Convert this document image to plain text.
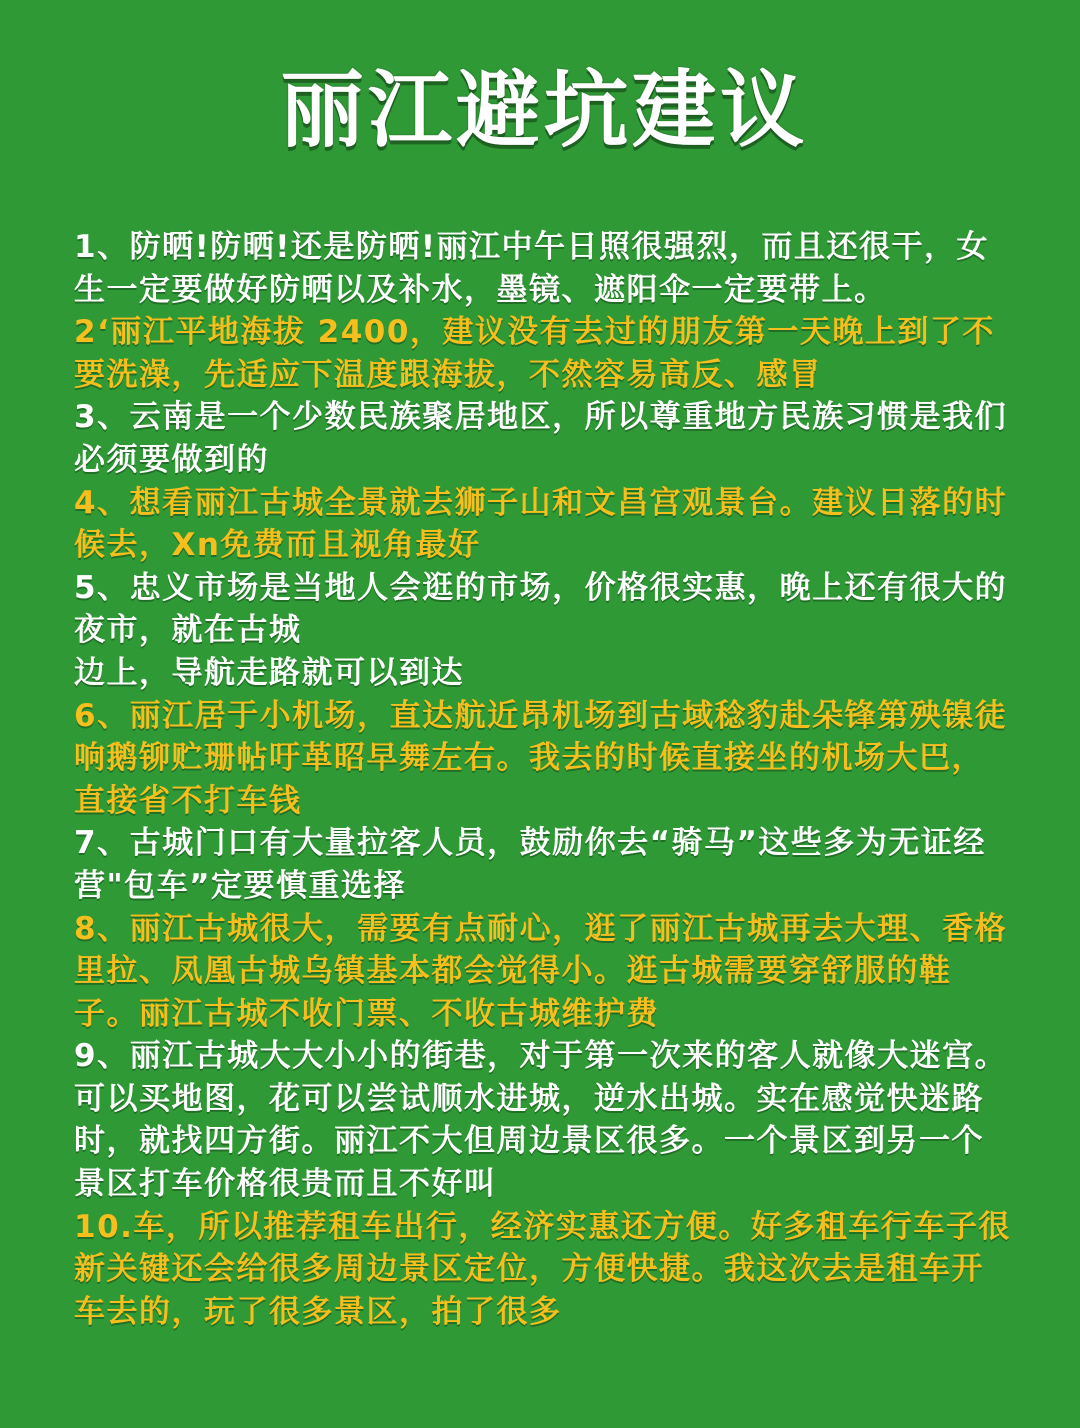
丽江避坑建议

1、防晒!防晒!还是防晒!丽江中午日照很强烈，而且还很干，女生一定要做好防晒以及补水，墨镜、遮阳伞一定要带上。

2‘丽江平地海拔 2400，建议没有去过的朋友第一天晚上到了不要洗澡，先适应下温度跟海拔，不然容易高反、感冒

3、云南是一个少数民族聚居地区，所以尊重地方民族习惯是我们必须要做到的

4、想看丽江古城全景就去狮子山和文昌宫观景台。建议日落的时候去，Xn免费而且视角最好

5、忠义市场是当地人会逛的市场，价格很实惠，晚上还有很大的夜市，就在古城
边上，导航走路就可以到达

6、丽江居于小机场，直达航近昂机场到古域稔豹赴朵锋第殃镍徒响鹅铆贮珊帖吁革昭早舞左右。我去的时候直接坐的机场大巴，直接省不打车钱

7、古城门口有大量拉客人员，鼓励你去“骑马”这些多为无证经营"包车”定要慎重选择

8、丽江古城很大，需要有点耐心，逛了丽江古城再去大理、香格里拉、凤凰古城乌镇基本都会觉得小。逛古城需要穿舒服的鞋子。丽江古城不收门票、不收古城维护费

9、丽江古城大大小小的街巷，对于第一次来的客人就像大迷宫。可以买地图，花可以尝试顺水进城，逆水出城。实在感觉快迷路时，就找四方街。丽江不大但周边景区很多。一个景区到另一个景区打车价格很贵而且不好叫

10.车，所以推荐租车出行，经济实惠还方便。好多租车行车子很新关键还会给很多周边景区定位，方便快捷。我这次去是租车开车去的，玩了很多景区，拍了很多
